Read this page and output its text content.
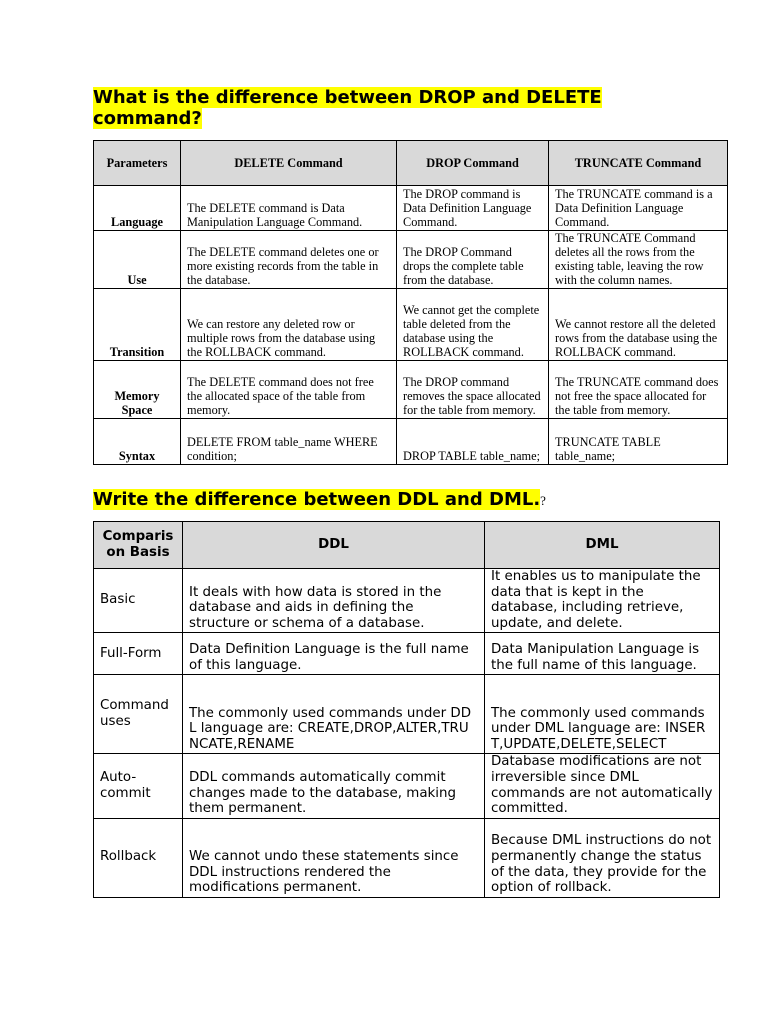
What is the difference between DROP and DELETE command?
Parameters	DELETE Command	DROP Command	TRUNCATE Command
Language	The DELETE command is Data Manipulation Language Command.	The DROP command is Data Definition Language Command.	The TRUNCATE command is a Data Definition Language Command.
Use	The DELETE command deletes one or more existing records from the table in the database.	The DROP Command drops the complete table from the database.	The TRUNCATE Command deletes all the rows from the existing table, leaving the row with the column names.
Transition	We can restore any deleted row or multiple rows from the database using the ROLLBACK command.	We cannot get the complete table deleted from the database using the ROLLBACK command.	We cannot restore all the deleted rows from the database using the ROLLBACK command.
Memory Space	The DELETE command does not free the allocated space of the table from memory.	The DROP command removes the space allocated for the table from memory.	The TRUNCATE command does not free the space allocated for the table from memory.
Syntax	DELETE FROM table_name WHERE condition;	DROP TABLE table_name;	TRUNCATE TABLE table_name;
Write the difference between DDL and DML.?
Comparison Basis	DDL	DML
Basic	It deals with how data is stored in the database and aids in defining the structure or schema of a database.	It enables us to manipulate the data that is kept in the database, including retrieve, update, and delete.
Full-Form	Data Definition Language is the full name of this language.	Data Manipulation Language is the full name of this language.
Command uses	The commonly used commands under DDL language are: CREATE,DROP,ALTER,TRUNCATE,RENAME	The commonly used commands under DML language are: INSERT,UPDATE,DELETE,SELECT
Auto-commit	DDL commands automatically commit changes made to the database, making them permanent.	Database modifications are not irreversible since DML commands are not automatically committed.
Rollback	We cannot undo these statements since DDL instructions rendered the modifications permanent.	Because DML instructions do not permanently change the status of the data, they provide for the option of rollback.
